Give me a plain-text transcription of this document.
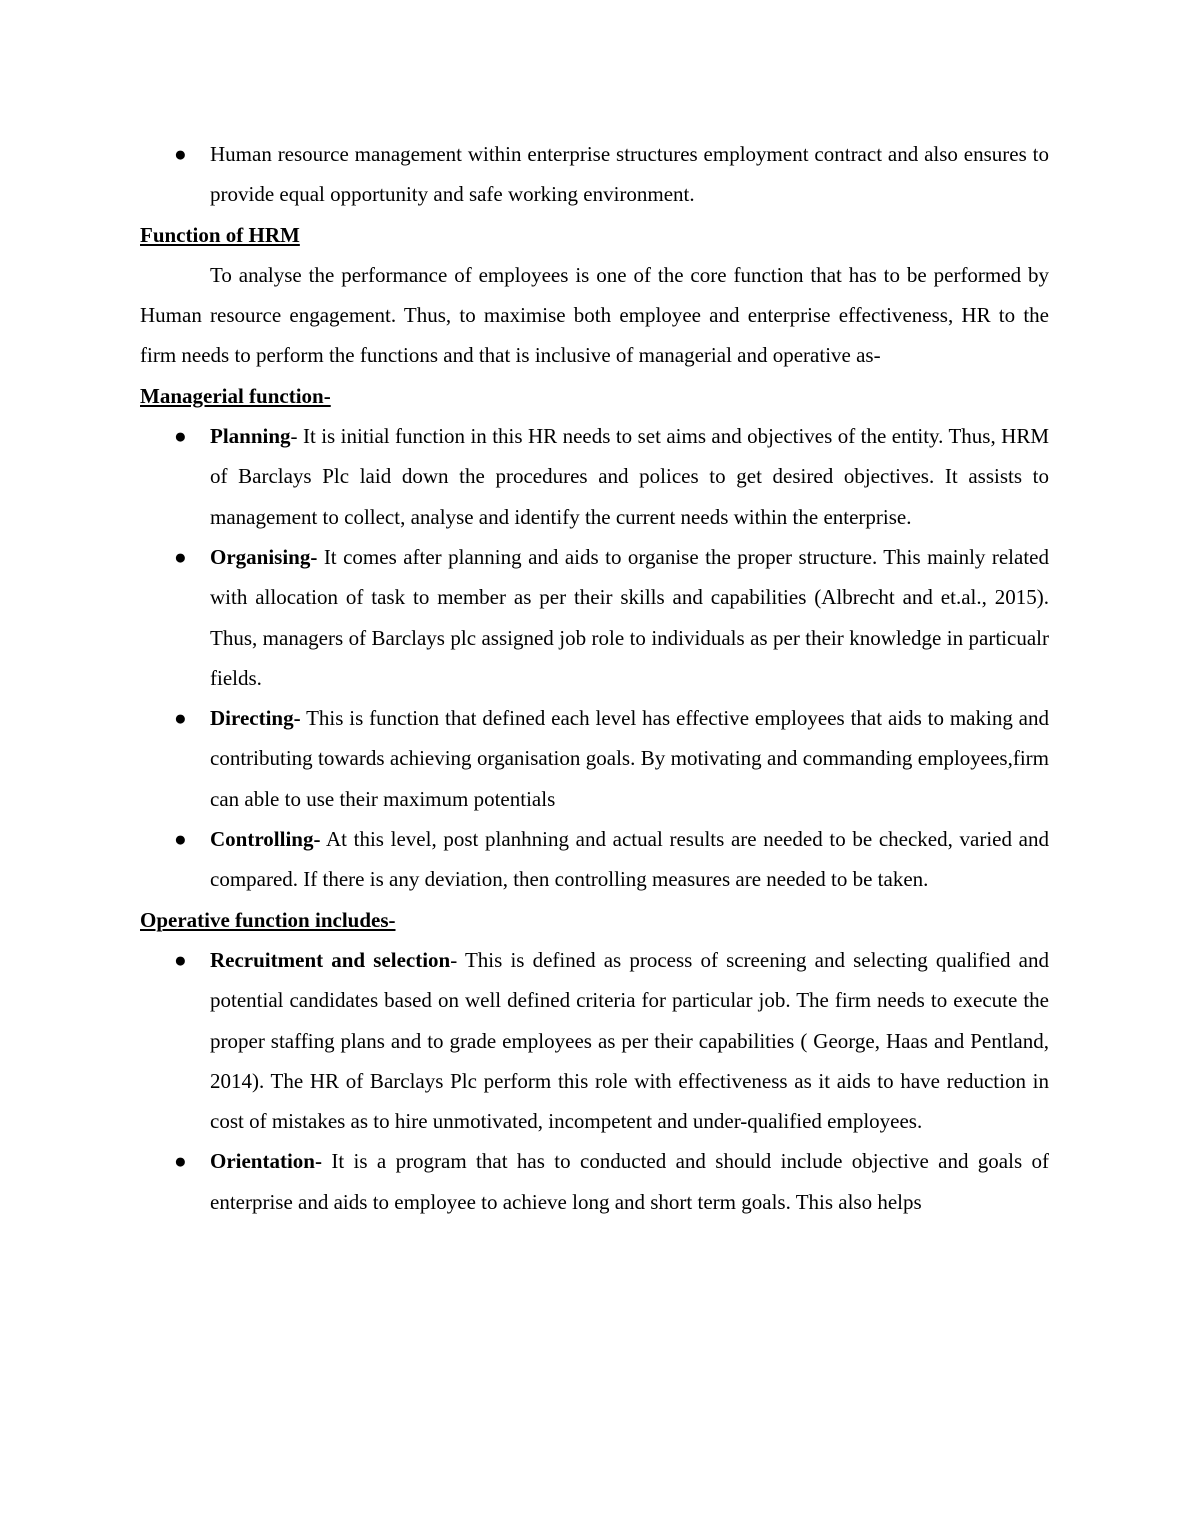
● Human resource management within enterprise structures employment contract and also ensures to provide equal opportunity and safe working environment.

Function of HRM

To analyse the performance of employees is one of the core function that has to be performed by Human resource engagement. Thus, to maximise both employee and enterprise effectiveness, HR to the firm needs to perform the functions and that is inclusive of managerial and operative as-

Managerial function-

● Planning- It is initial function in this HR needs to set aims and objectives of the entity. Thus, HRM of Barclays Plc laid down the procedures and polices to get desired objectives. It assists to management to collect, analyse and identify the current needs within the enterprise.
● Organising- It comes after planning and aids to organise the proper structure. This mainly related with allocation of task to member as per their skills and capabilities (Albrecht and et.al., 2015). Thus, managers of Barclays plc assigned job role to individuals as per their knowledge in particualr fields.
● Directing- This is function that defined each level has effective employees that aids to making and contributing towards achieving organisation goals. By motivating and commanding employees,firm can able to use their maximum potentials
● Controlling- At this level, post planhning and actual results are needed to be checked, varied and compared. If there is any deviation, then controlling measures are needed to be taken.

Operative function includes-

● Recruitment and selection- This is defined as process of screening and selecting qualified and potential candidates based on well defined criteria for particular job. The firm needs to execute the proper staffing plans and to grade employees as per their capabilities ( George, Haas and Pentland, 2014). The HR of Barclays Plc perform this role with effectiveness as it aids to have reduction in cost of mistakes as to hire unmotivated, incompetent and under-qualified employees.
● Orientation- It is a program that has to conducted and should include objective and goals of enterprise and aids to employee to achieve long and short term goals. This also helps
